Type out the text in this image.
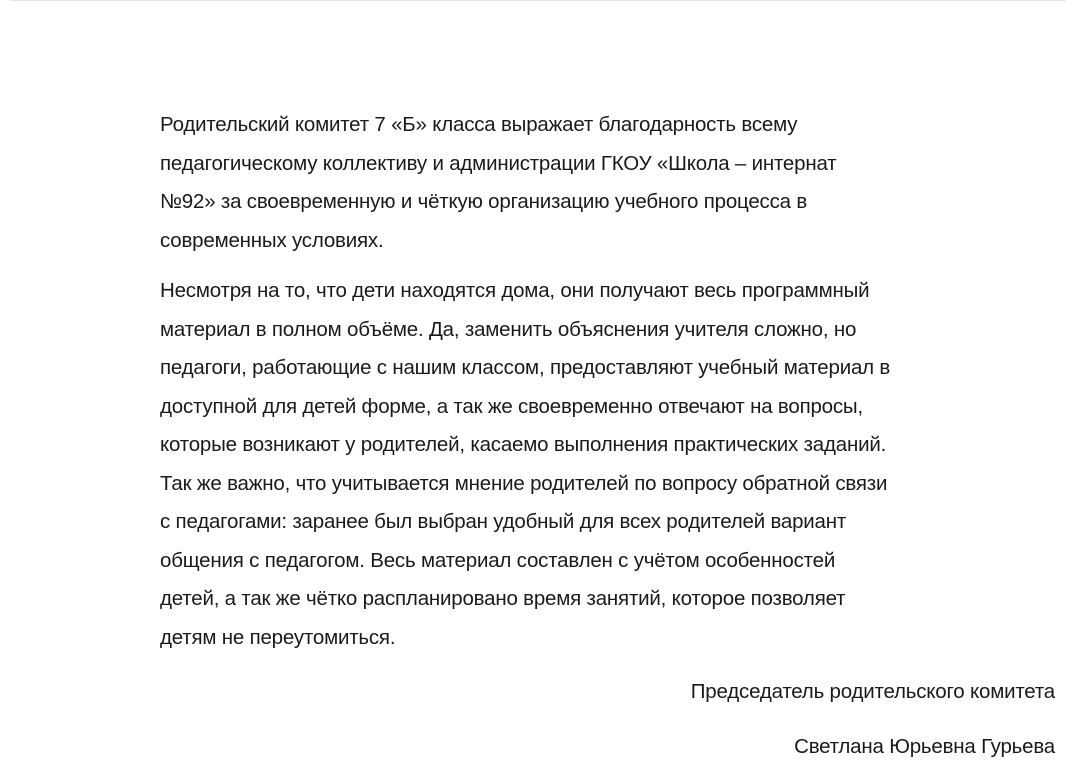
Родительский комитет 7 «Б» класса выражает благодарность всему
педагогическому коллективу и администрации ГКОУ «Школа – интернат
№92» за своевременную и чёткую организацию учебного процесса в
современных условиях.

Несмотря на то, что дети находятся дома, они получают весь программный
материал в полном объёме. Да, заменить объяснения учителя сложно, но
педагоги, работающие с нашим классом, предоставляют учебный материал в
доступной для детей форме, а так же своевременно отвечают на вопросы,
которые возникают у родителей, касаемо выполнения практических заданий.
Так же важно, что учитывается мнение родителей по вопросу обратной связи
с педагогами: заранее был выбран удобный для всех родителей вариант
общения с педагогом. Весь материал составлен с учётом особенностей
детей, а так же чётко распланировано время занятий, которое позволяет
детям не переутомиться.

Председатель родительского комитета

Светлана Юрьевна Гурьева
